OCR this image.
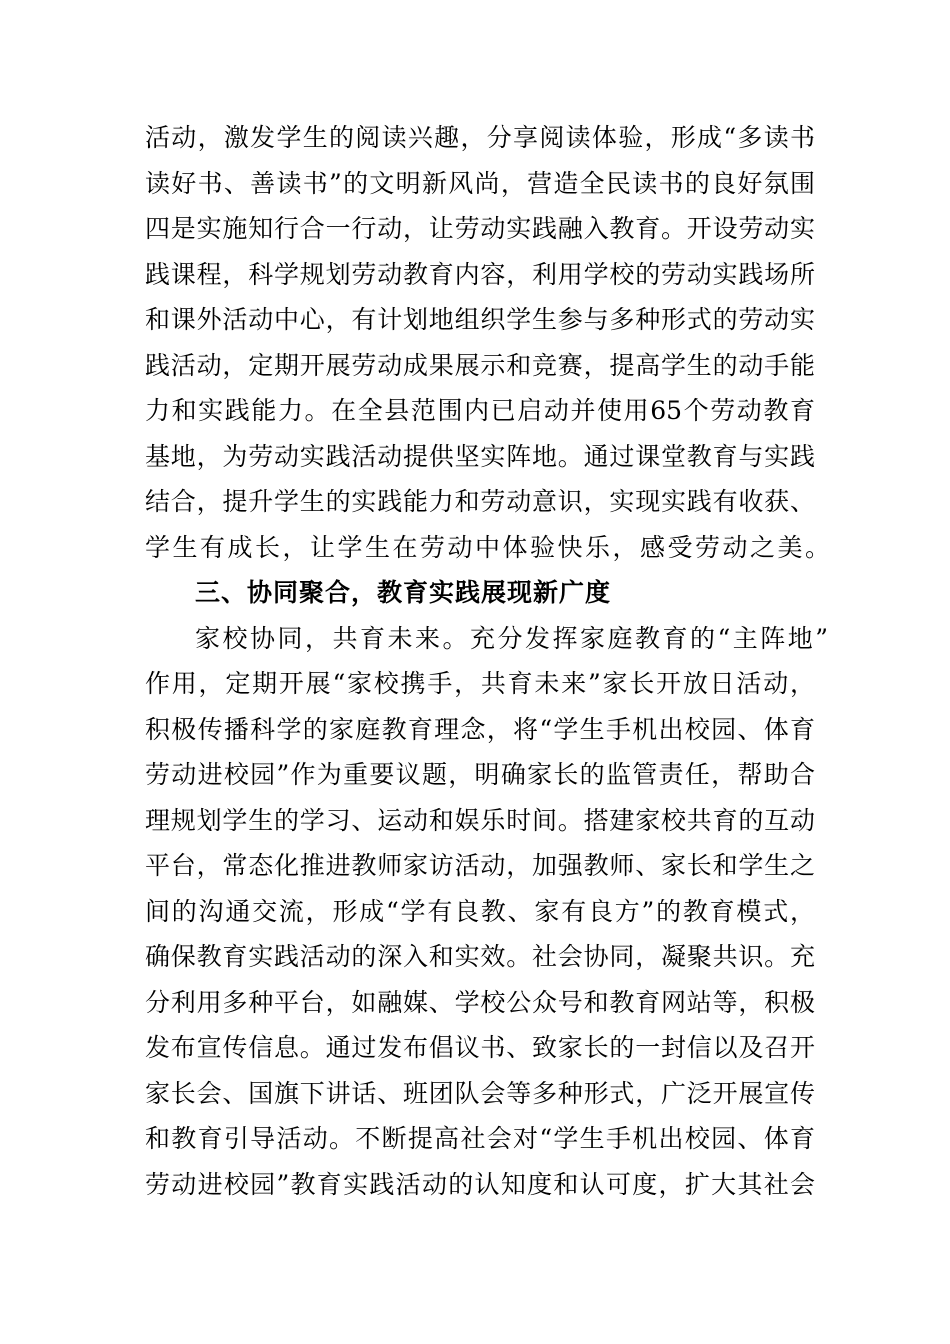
活动，激发学生的阅读兴趣，分享阅读体验，形成“多读书
读好书、善读书”的文明新风尚，营造全民读书的良好氛围
四是实施知行合一行动，让劳动实践融入教育。开设劳动实
践课程，科学规划劳动教育内容，利用学校的劳动实践场所
和课外活动中心，有计划地组织学生参与多种形式的劳动实
践活动，定期开展劳动成果展示和竞赛，提高学生的动手能
力和实践能力。在全县范围内已启动并使用65个劳动教育
基地，为劳动实践活动提供坚实阵地。通过课堂教育与实践
结合，提升学生的实践能力和劳动意识，实现实践有收获、
学生有成长，让学生在劳动中体验快乐，感受劳动之美。
三、协同聚合，教育实践展现新广度
家校协同，共育未来。充分发挥家庭教育的“主阵地”
作用，定期开展“家校携手，共育未来”家长开放日活动，
积极传播科学的家庭教育理念，将“学生手机出校园、体育
劳动进校园”作为重要议题，明确家长的监管责任，帮助合
理规划学生的学习、运动和娱乐时间。搭建家校共育的互动
平台，常态化推进教师家访活动，加强教师、家长和学生之
间的沟通交流，形成“学有良教、家有良方”的教育模式，
确保教育实践活动的深入和实效。社会协同，凝聚共识。充
分利用多种平台，如融媒、学校公众号和教育网站等，积极
发布宣传信息。通过发布倡议书、致家长的一封信以及召开
家长会、国旗下讲话、班团队会等多种形式，广泛开展宣传
和教育引导活动。不断提高社会对“学生手机出校园、体育
劳动进校园”教育实践活动的认知度和认可度，扩大其社会
